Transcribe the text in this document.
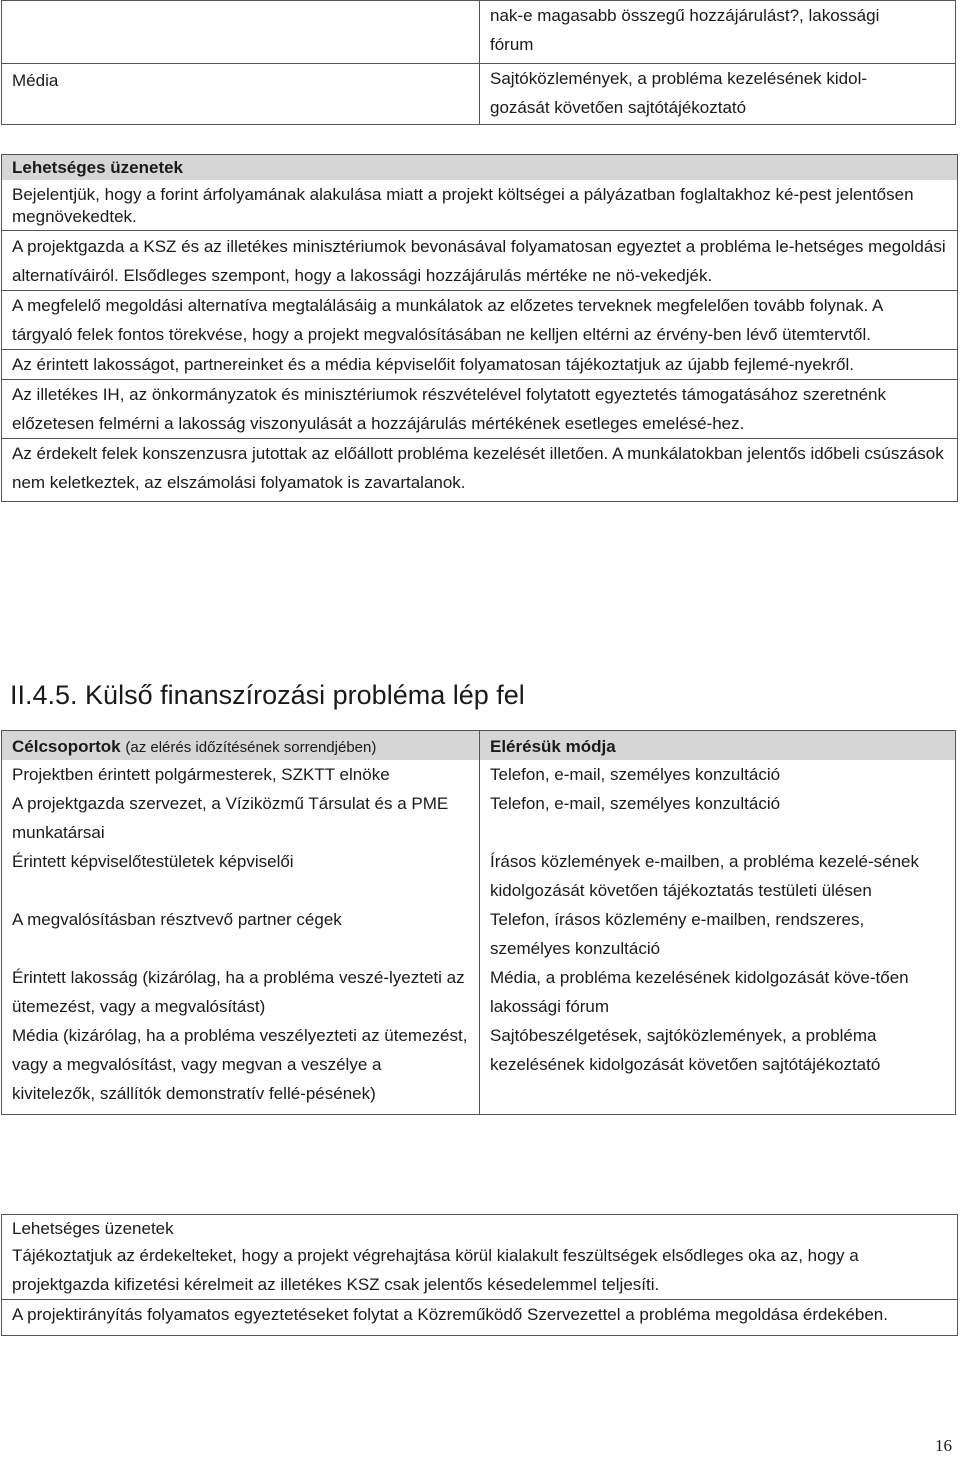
	nak-e magasabb összegű hozzájárulást?, lakossági
fórum

Média	Sajtóközlemények, a probléma kezelésének kidol-
gozását követően sajtótájékoztató
Lehetséges üzenetek
Bejelentjük, hogy a forint árfolyamának alakulása miatt a projekt költségei a pályázatban foglaltakhoz ké-pest jelentősen megnövekedtek.
A projektgazda a KSZ és az illetékes minisztériumok bevonásával folyamatosan egyeztet a probléma le-hetséges megoldási alternatíváiról. Elsődleges szempont, hogy a lakossági hozzájárulás mértéke ne nö-vekedjék.
A megfelelő megoldási alternatíva megtalálásáig a munkálatok az előzetes terveknek megfelelően tovább folynak. A tárgyaló felek fontos törekvése, hogy a projekt megvalósításában ne kelljen eltérni az érvény-ben lévő ütemtervtől.
Az érintett lakosságot, partnereinket és a média képviselőit folyamatosan tájékoztatjuk az újabb fejlemé-nyekről.
Az illetékes IH, az önkormányzatok és minisztériumok részvételével folytatott egyeztetés támogatásához szeretnénk előzetesen felmérni a lakosság viszonyulását a hozzájárulás mértékének esetleges emelésé-hez.
Az érdekelt felek konszenzusra jutottak az előállott probléma kezelését illetően. A munkálatokban jelentős időbeli csúszások nem keletkeztek, az elszámolási folyamatok is zavartalanok.
II.4.5. Külső finanszírozási probléma lép fel
Célcsoportok (az elérés időzítésének sorrendjében)	Elérésük módja
Projektben érintett polgármesterek, SZKTT elnöke	Telefon, e-mail, személyes konzultáció
A projektgazda szervezet, a Víziközmű Társulat és a PME munkatársai	Telefon, e-mail, személyes konzultáció
Érintett képviselőtestületek képviselői	Írásos közlemények e-mailben, a probléma kezelé-sének kidolgozását követően tájékoztatás testületi ülésen
A megvalósításban résztvevő partner cégek	Telefon, írásos közlemény e-mailben, rendszeres, személyes konzultáció
Érintett lakosság (kizárólag, ha a probléma veszé-lyezteti az ütemezést, vagy a megvalósítást)	Média, a probléma kezelésének kidolgozását köve-tően lakossági fórum
Média (kizárólag, ha a probléma veszélyezteti az ütemezést, vagy a megvalósítást, vagy megvan a veszélye a kivitelezők, szállítók demonstratív fellé-pésének)	Sajtóbeszélgetések, sajtóközlemények, a probléma kezelésének kidolgozását követően sajtótájékoztató
Lehetséges üzenetek
Tájékoztatjuk az érdekelteket, hogy a projekt végrehajtása körül kialakult feszültségek elsődleges oka az, hogy a projektgazda kifizetési kérelmeit az illetékes KSZ csak jelentős késedelemmel teljesíti.
A projektirányítás folyamatos egyeztetéseket folytat a Közreműködő Szervezettel a probléma megoldása érdekében.
16
